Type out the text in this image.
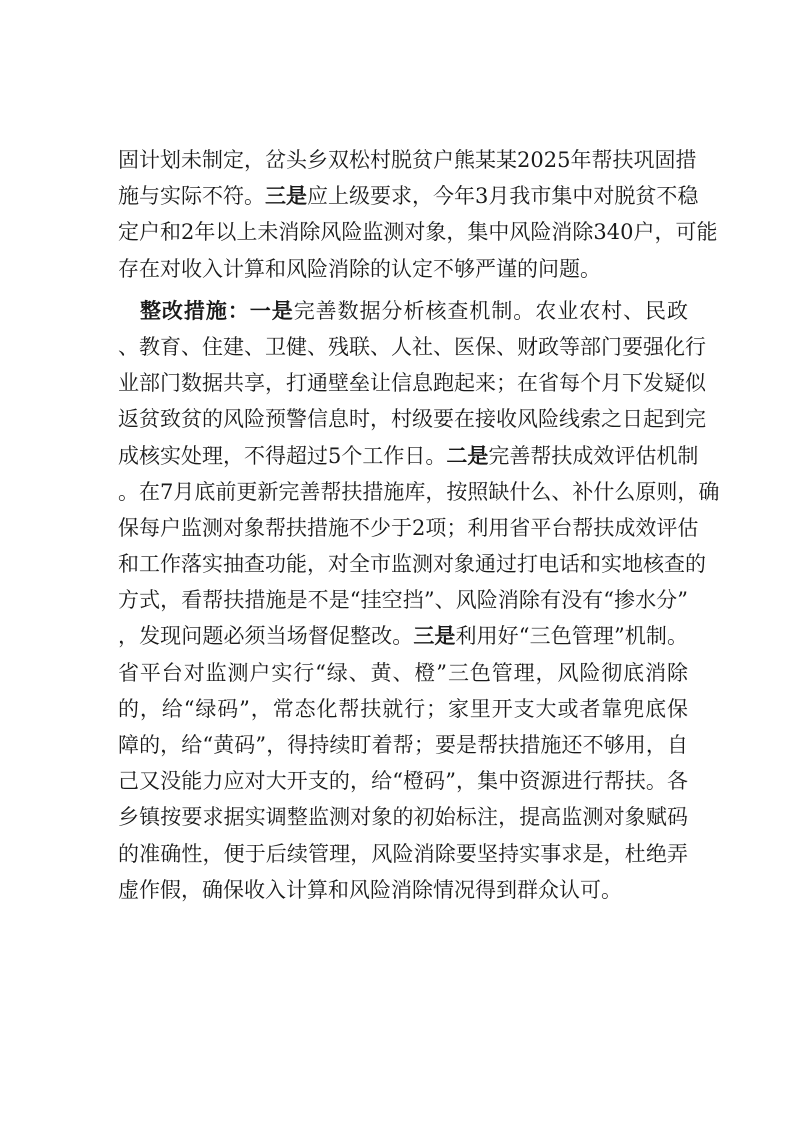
固计划未制定，岔头乡双松村脱贫户熊某某2025年帮扶巩固措
施与实际不符。三是应上级要求，今年3月我市集中对脱贫不稳
定户和2年以上未消除风险监测对象，集中风险消除340户，可能
存在对收入计算和风险消除的认定不够严谨的问题。
整改措施：一是完善数据分析核查机制。农业农村、民政
、教育、住建、卫健、残联、人社、医保、财政等部门要强化行
业部门数据共享，打通壁垒让信息跑起来；在省每个月下发疑似
返贫致贫的风险预警信息时，村级要在接收风险线索之日起到完
成核实处理，不得超过5个工作日。二是完善帮扶成效评估机制
。在7月底前更新完善帮扶措施库，按照缺什么、补什么原则，确
保每户监测对象帮扶措施不少于2项；利用省平台帮扶成效评估
和工作落实抽查功能，对全市监测对象通过打电话和实地核查的
方式，看帮扶措施是不是“挂空挡”、风险消除有没有“掺水分”
，发现问题必须当场督促整改。三是利用好“三色管理”机制。
省平台对监测户实行“绿、黄、橙”三色管理，风险彻底消除
的，给“绿码”，常态化帮扶就行；家里开支大或者靠兜底保
障的，给“黄码”，得持续盯着帮；要是帮扶措施还不够用，自
己又没能力应对大开支的，给“橙码”，集中资源进行帮扶。各
乡镇按要求据实调整监测对象的初始标注，提高监测对象赋码
的准确性，便于后续管理，风险消除要坚持实事求是，杜绝弄
虚作假，确保收入计算和风险消除情况得到群众认可。
